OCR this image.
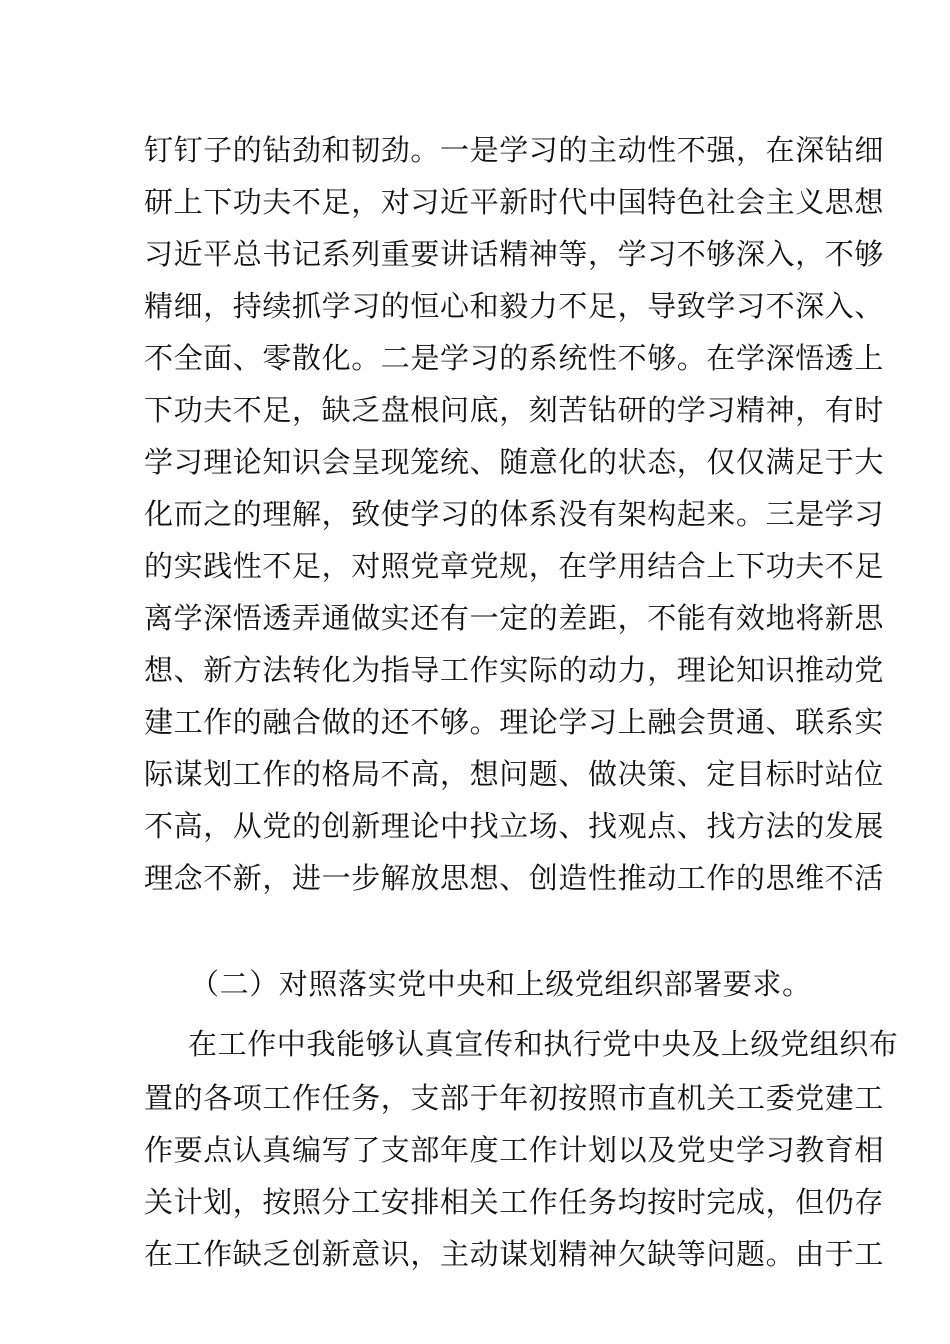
钉钉子的钻劲和韧劲。一是学习的主动性不强，在深钻细

研上下功夫不足，对习近平新时代中国特色社会主义思想

习近平总书记系列重要讲话精神等，学习不够深入，不够

精细，持续抓学习的恒心和毅力不足，导致学习不深入、

不全面、零散化。二是学习的系统性不够。在学深悟透上

下功夫不足，缺乏盘根问底，刻苦钻研的学习精神，有时

学习理论知识会呈现笼统、随意化的状态，仅仅满足于大

化而之的理解，致使学习的体系没有架构起来。三是学习

的实践性不足，对照党章党规，在学用结合上下功夫不足

离学深悟透弄通做实还有一定的差距，不能有效地将新思

想、新方法转化为指导工作实际的动力，理论知识推动党

建工作的融合做的还不够。理论学习上融会贯通、联系实

际谋划工作的格局不高，想问题、做决策、定目标时站位

不高，从党的创新理论中找立场、找观点、找方法的发展

理念不新，进一步解放思想、创造性推动工作的思维不活

（二）对照落实党中央和上级党组织部署要求。

在工作中我能够认真宣传和执行党中央及上级党组织布

置的各项工作任务，支部于年初按照市直机关工委党建工

作要点认真编写了支部年度工作计划以及党史学习教育相

关计划，按照分工安排相关工作任务均按时完成，但仍存

在工作缺乏创新意识，主动谋划精神欠缺等问题。由于工
